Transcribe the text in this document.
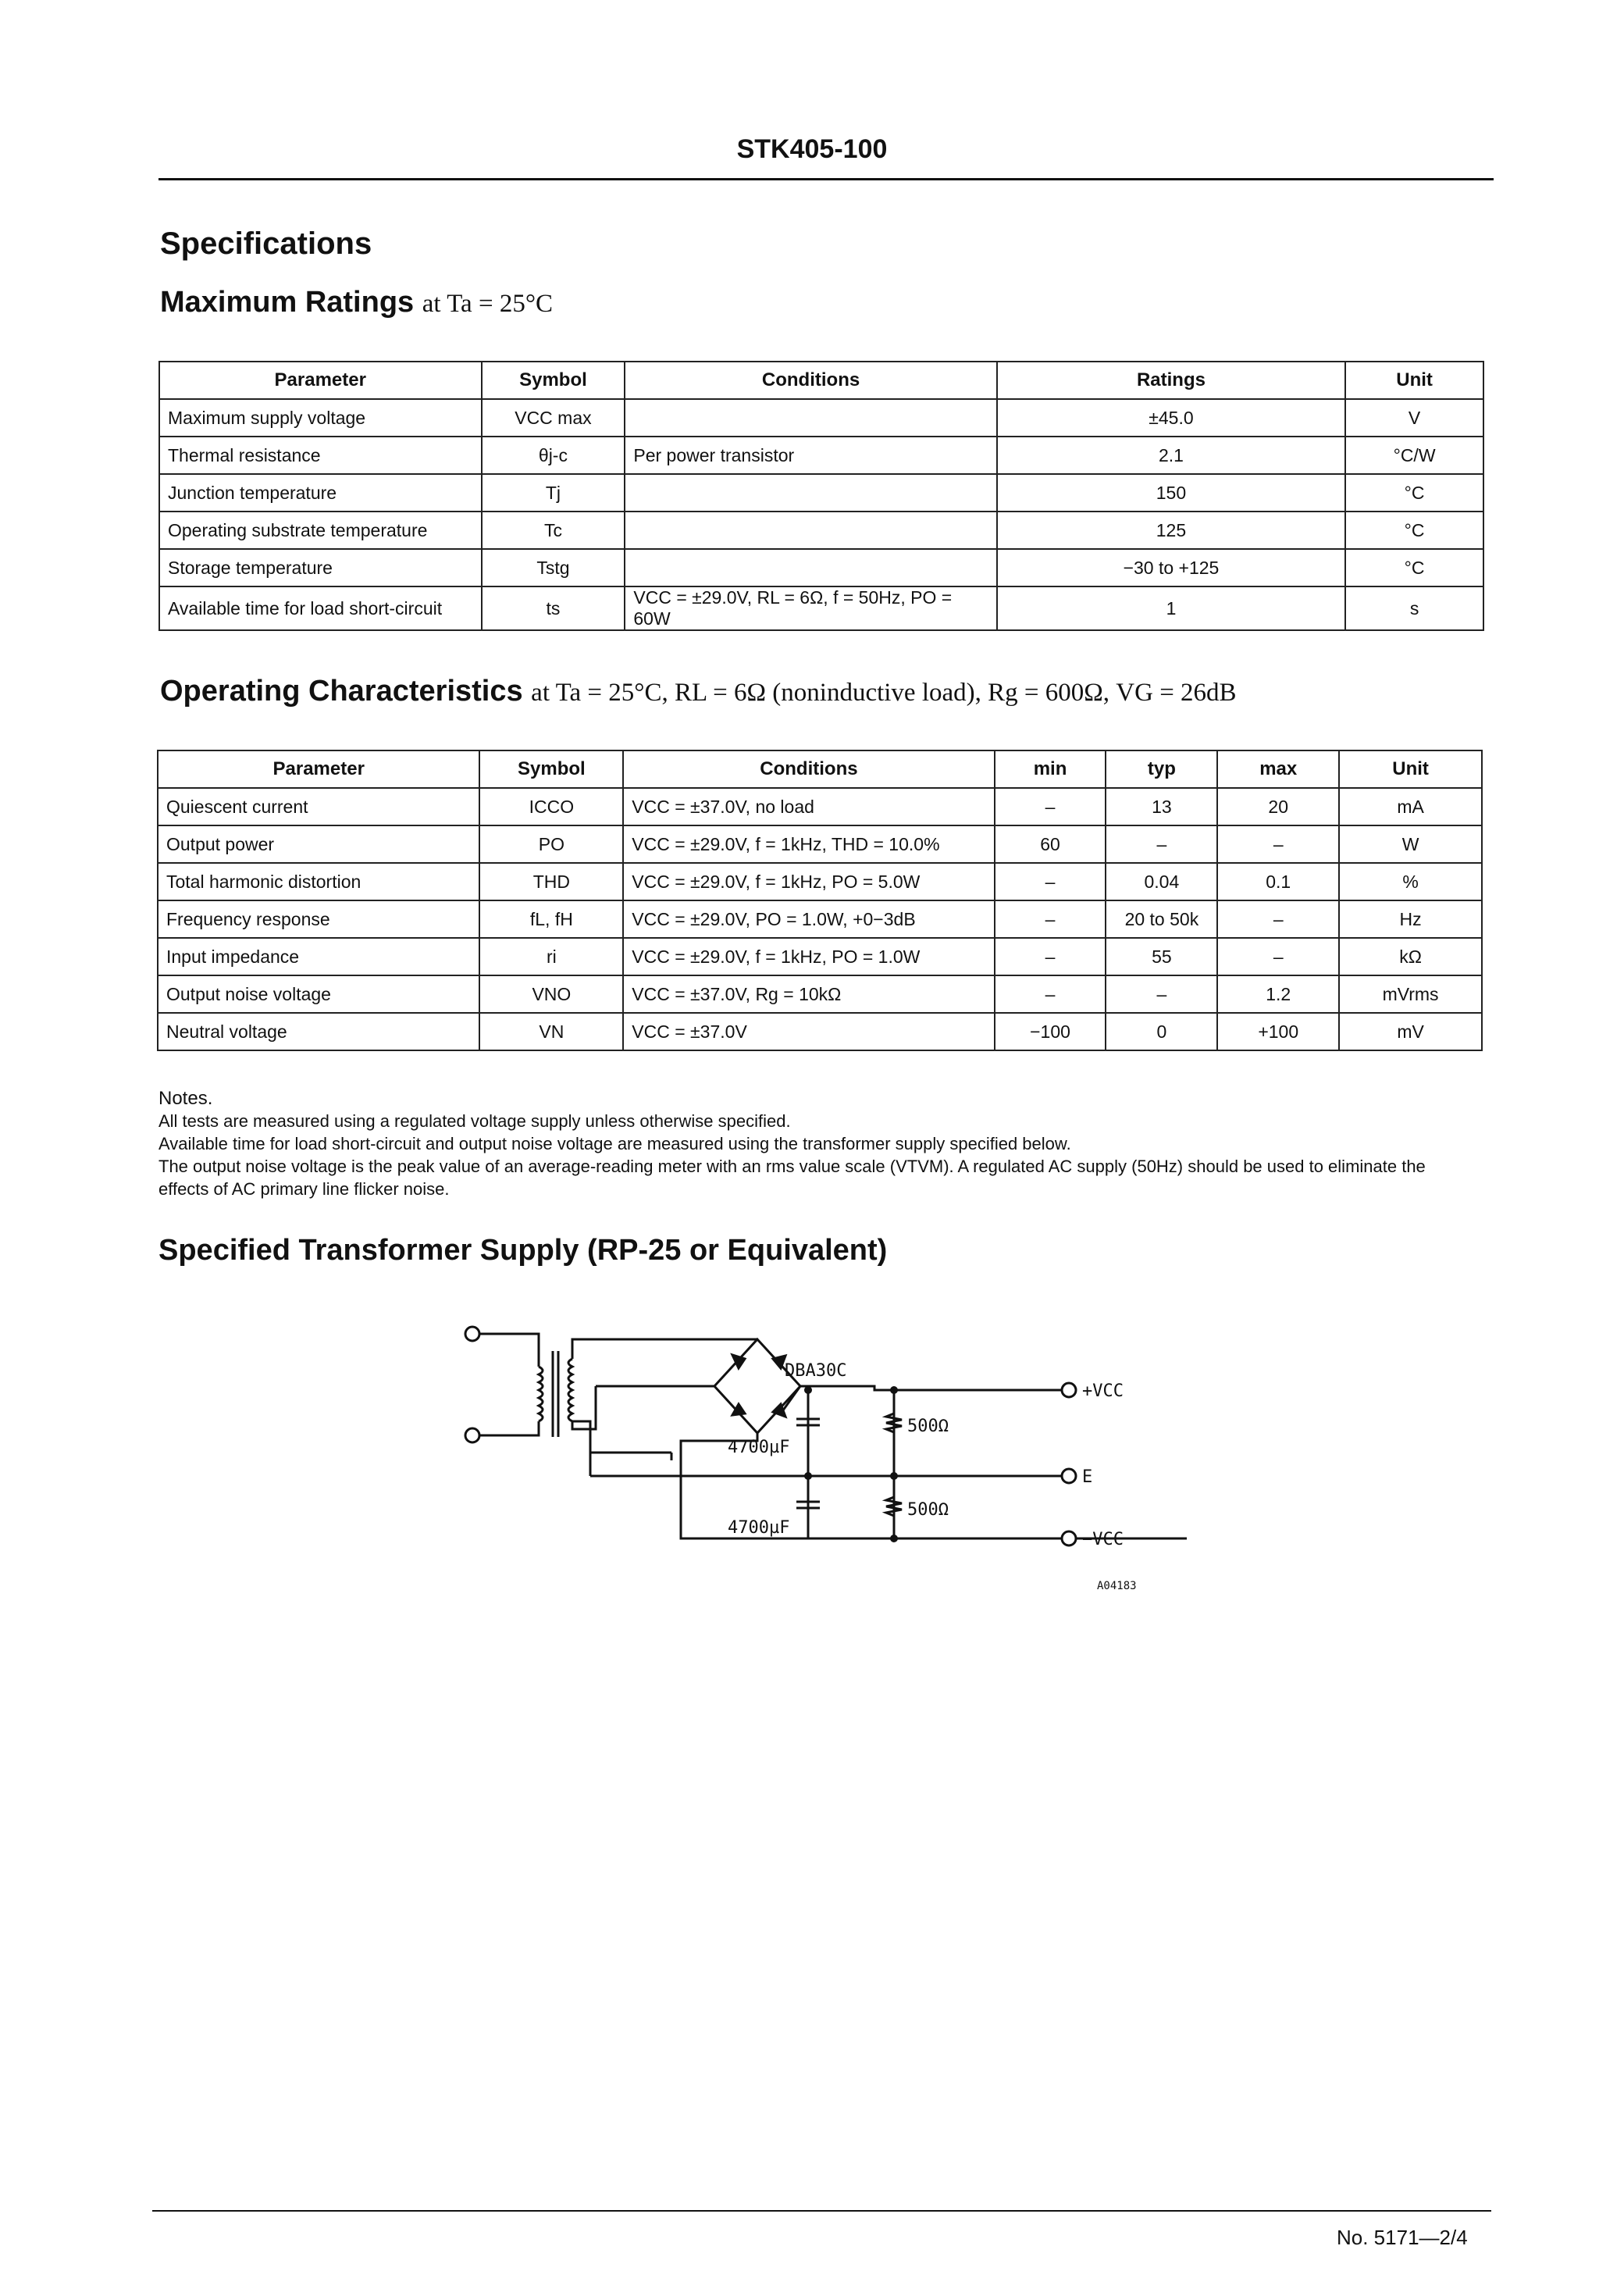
STK405-100
Specifications
Maximum Ratings at Ta = 25°C
Parameter	Symbol	Conditions	Ratings	Unit
Maximum supply voltage	VCC max		±45.0	V
Thermal resistance	θj-c	Per power transistor	2.1	°C/W
Junction temperature	Tj		150	°C
Operating substrate temperature	Tc		125	°C
Storage temperature	Tstg		−30 to +125	°C
Available time for load short-circuit	ts	VCC = ±29.0V, RL = 6Ω, f = 50Hz, PO = 60W	1	s
Operating Characteristics at Ta = 25°C, RL = 6Ω (noninductive load), Rg = 600Ω, VG = 26dB
Parameter	Symbol	Conditions	min	typ	max	Unit
Quiescent current	ICCO	VCC = ±37.0V, no load	–	13	20	mA
Output power	PO	VCC = ±29.0V, f = 1kHz, THD = 10.0%	60	–	–	W
Total harmonic distortion	THD	VCC = ±29.0V, f = 1kHz, PO = 5.0W	–	0.04	0.1	%
Frequency response	fL, fH	VCC = ±29.0V, PO = 1.0W, +0−3dB	–	20 to 50k	–	Hz
Input impedance	ri	VCC = ±29.0V, f = 1kHz, PO = 1.0W	–	55	–	kΩ
Output noise voltage	VNO	VCC = ±37.0V, Rg = 10kΩ	–	–	1.2	mVrms
Neutral voltage	VN	VCC = ±37.0V	−100	0	+100	mV
Notes.
All tests are measured using a regulated voltage supply unless otherwise specified.
Available time for load short-circuit and output noise voltage are measured using the transformer supply specified below.
The output noise voltage is the peak value of an average-reading meter with an rms value scale (VTVM). A regulated AC supply (50Hz) should be used to eliminate the
effects of AC primary line flicker noise.
Specified Transformer Supply (RP-25 or Equivalent)
DBA30C
4700µF
4700µF
500Ω
500Ω
+VCC
E
−VCC
A04183
No. 5171—2/4
